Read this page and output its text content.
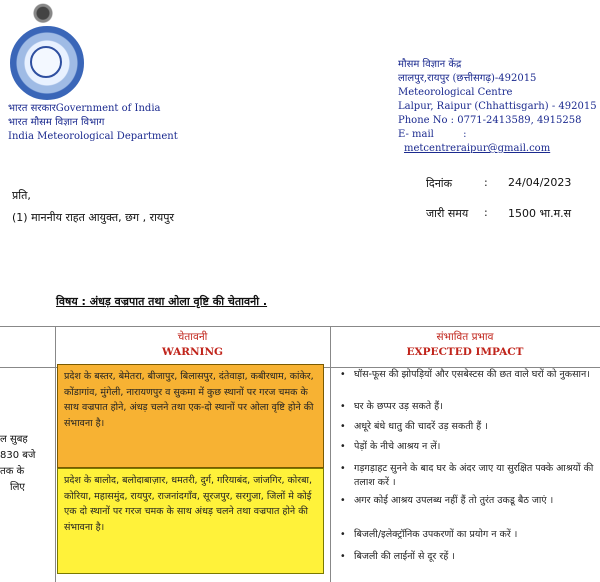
भारत सरकारGovernment of India
भारत मौसम विज्ञान विभाग
India Meteorological Department
मौसम विज्ञान केंद्र
लालपुर,रायपुर (छत्तीसगढ़)-492015
Meteorological Centre
Lalpur, Raipur (Chhattisgarh) - 492015
Phone No : 0771-2413589, 4915258
E- mail	: metcentreraipur@gmail.com
प्रति,
(1) माननीय राहत आयुक्त, छग , रायपुर
दिनांक	: 24/04/2023
जारी समय : 1500 भा.म.स
विषय : अंधड़ वज्रपात तथा ओला वृष्टि की चेतावनी .
चेतावनी
WARNING
संभावित प्रभाव
EXPECTED IMPACT
ल सुबह
830 बजे
तक के
लिए
प्रदेश के बस्तर, बेमेतरा, बीजापुर, बिलासपुर, दंतेवाड़ा, कबीरधाम, कांकेर, कोंडागांव, मुंगेली, नारायणपुर व सुकमा में कुछ स्थानों पर गरज चमक के साथ वज्रपात होने, अंधड़ चलने तथा एक-दो स्थानों पर ओला वृष्टि होने की संभावना है।
प्रदेश के बालोद, बलोदाबाज़ार, धमतरी, दुर्ग, गरियाबंद, जांजगिर, कोरबा, कोरिया, महासमुंद, रायपुर, राजनांदगाँव, सूरजपुर, सरगुजा, जिलों मे कोई एक दो स्थानों पर गरज चमक के साथ अंधड़ चलने तथा वज्रपात होने की संभावना है।
• घॉस-फूस की झोपड़ियों और एसबेस्टस की छत वाले घरों को नुकसान।
• घर के छप्पर उड़ सकते हैं।
• अधूरे बंधे धातु की चादरें उड़ सकती हैं ।
• पेड़ों के नीचे आश्रय न लें।
• गड़गड़ाहट सुनने के बाद घर के अंदर जाए या सुरक्षित पक्के आश्रयों की तलाश करें ।
• अगर कोई आश्रय उपलब्ध नहीं हैं तो तुरंत उकडू बैठ जाएं ।
• बिजली/इलेक्ट्रॉनिक उपकरणों का प्रयोग न करें ।
• बिजली की लाईनों से दूर रहें ।
